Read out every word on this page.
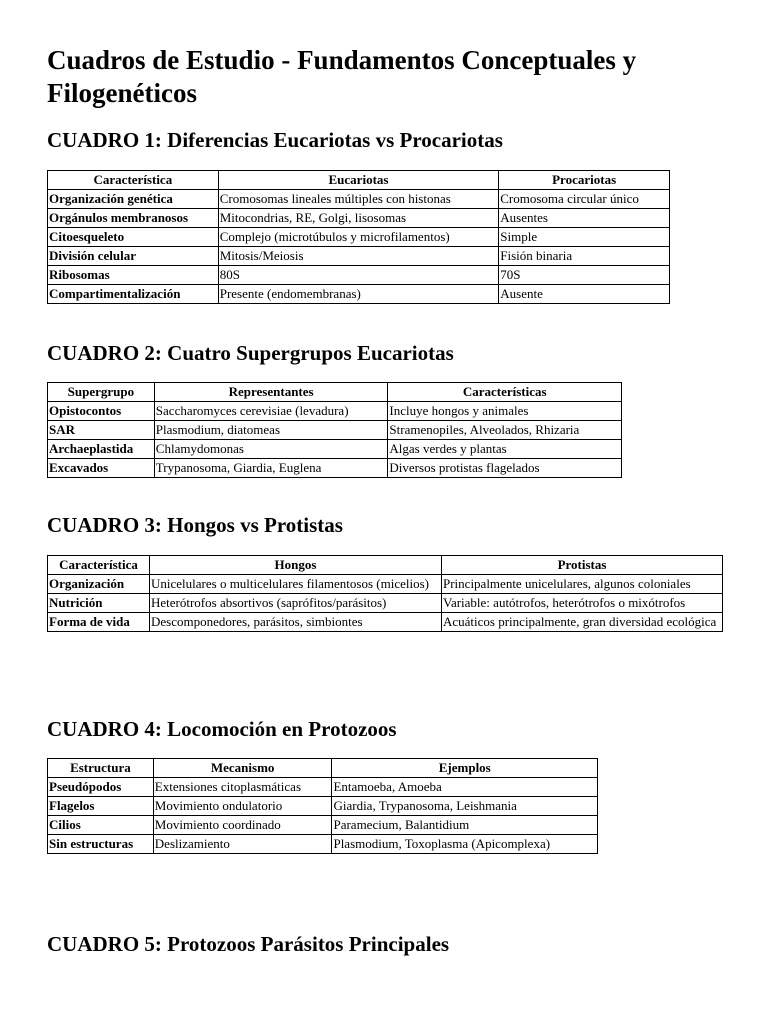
Cuadros de Estudio - Fundamentos Conceptuales y Filogenéticos
CUADRO 1: Diferencias Eucariotas vs Procariotas
Característica	Eucariotas	Procariotas
Organización genética	Cromosomas lineales múltiples con histonas	Cromosoma circular único
Orgánulos membranosos	Mitocondrias, RE, Golgi, lisosomas	Ausentes
Citoesqueleto	Complejo (microtúbulos y microfilamentos)	Simple
División celular	Mitosis/Meiosis	Fisión binaria
Ribosomas	80S	70S
Compartimentalización	Presente (endomembranas)	Ausente
CUADRO 2: Cuatro Supergrupos Eucariotas
Supergrupo	Representantes	Características
Opistocontos	Saccharomyces cerevisiae (levadura)	Incluye hongos y animales
SAR	Plasmodium, diatomeas	Stramenopiles, Alveolados, Rhizaria
Archaeplastida	Chlamydomonas	Algas verdes y plantas
Excavados	Trypanosoma, Giardia, Euglena	Diversos protistas flagelados
CUADRO 3: Hongos vs Protistas
Característica	Hongos	Protistas
Organización	Unicelulares o multicelulares filamentosos (micelios)	Principalmente unicelulares, algunos coloniales
Nutrición	Heterótrofos absortivos (saprófitos/parásitos)	Variable: autótrofos, heterótrofos o mixótrofos
Forma de vida	Descomponedores, parásitos, simbiontes	Acuáticos principalmente, gran diversidad ecológica
CUADRO 4: Locomoción en Protozoos
Estructura	Mecanismo	Ejemplos
Pseudópodos	Extensiones citoplasmáticas	Entamoeba, Amoeba
Flagelos	Movimiento ondulatorio	Giardia, Trypanosoma, Leishmania
Cilios	Movimiento coordinado	Paramecium, Balantidium
Sin estructuras	Deslizamiento	Plasmodium, Toxoplasma (Apicomplexa)
CUADRO 5: Protozoos Parásitos Principales
